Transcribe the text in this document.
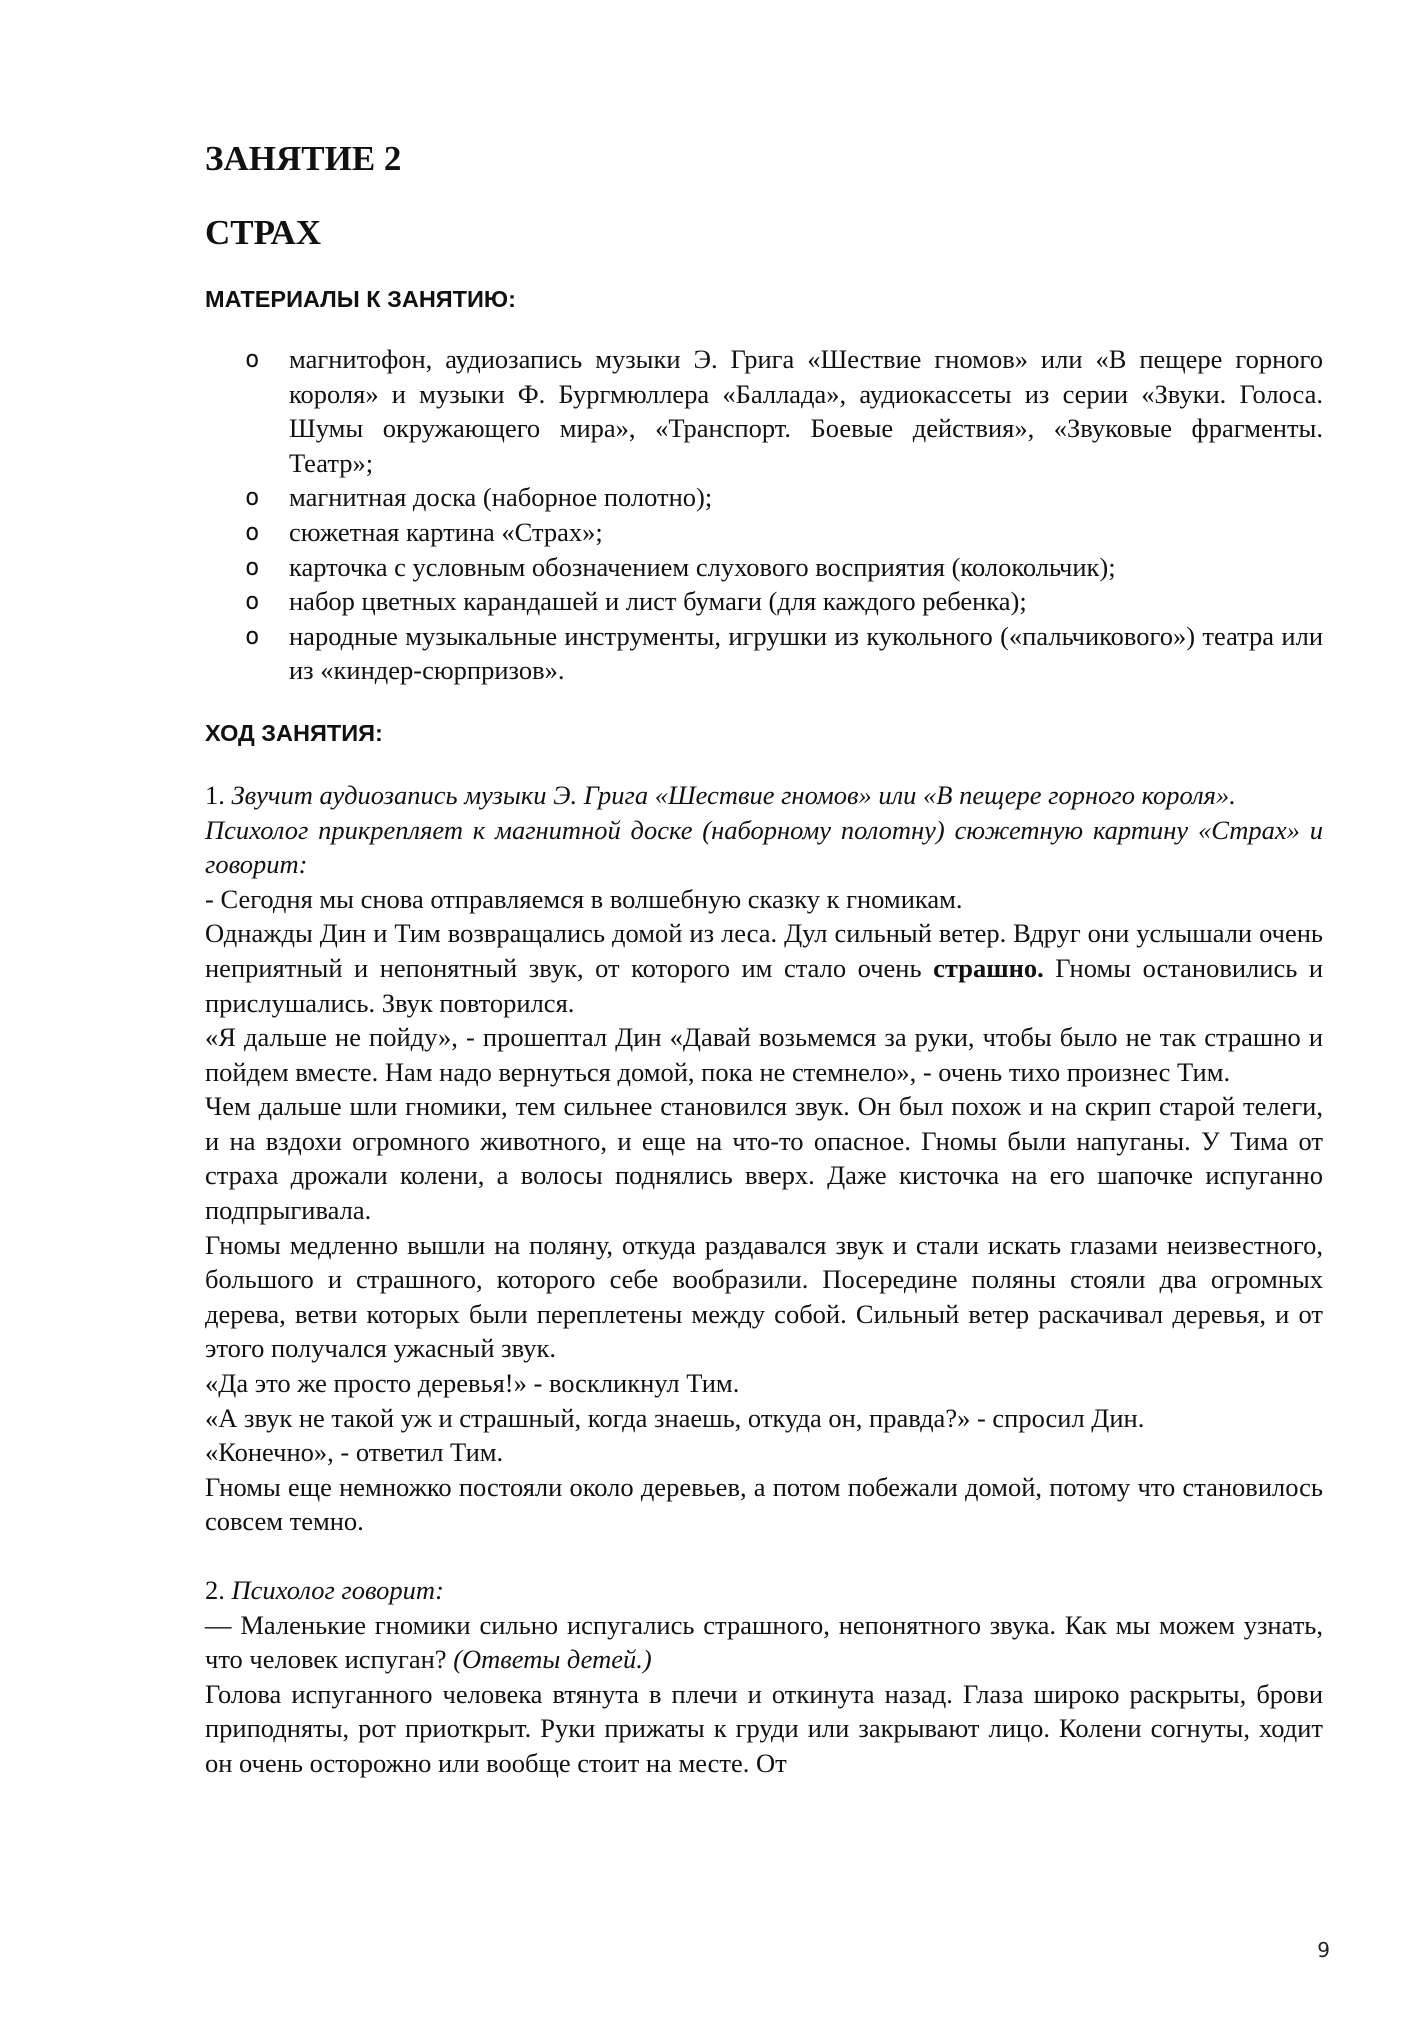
ЗАНЯТИЕ 2
СТРАХ
МАТЕРИАЛЫ К ЗАНЯТИЮ:
o магнитофон, аудиозапись музыки Э. Грига «Шествие гномов» или «В пещере горного короля» и музыки Ф. Бургмюллера «Баллада», аудиокассеты из серии «Звуки. Голоса. Шумы окружающего мира», «Транспорт. Боевые действия», «Звуковые фрагменты. Театр»;
o магнитная доска (наборное полотно);
o сюжетная картина «Страх»;
o карточка с условным обозначением слухового восприятия (колокольчик);
o набор цветных карандашей и лист бумаги (для каждого ребенка);
o народные музыкальные инструменты, игрушки из кукольного («пальчикового») театра или из «киндер-сюрпризов».
ХОД ЗАНЯТИЯ:

1. Звучит аудиозапись музыки Э. Грига «Шествие гномов» или «В пещере горного короля».

Психолог прикрепляет к магнитной доске (наборному полотну) сюжетную картину «Страх» и говорит:

- Сегодня мы снова отправляемся в волшебную сказку к гномикам.

Однажды Дин и Тим возвращались домой из леса. Дул сильный ветер. Вдруг они услышали очень неприятный и непонятный звук, от которого им стало очень страшно. Гномы остановились и прислушались. Звук повторился.

«Я дальше не пойду», - прошептал Дин «Давай возьмемся за руки, чтобы было не так страшно и пойдем вместе. Нам надо вернуться домой, пока не стемнело», - очень тихо произнес Тим.

Чем дальше шли гномики, тем сильнее становился звук. Он был похож и на скрип старой телеги, и на вздохи огромного животного, и еще на что-то опасное. Гномы были напуганы. У Тима от страха дрожали колени, а волосы поднялись вверх. Даже кисточка на его шапочке испуганно подпрыгивала.

Гномы медленно вышли на поляну, откуда раздавался звук и стали искать глазами неизвестного, большого и страшного, которого себе вообразили. Посередине поляны стояли два огромных дерева, ветви которых были переплетены между собой. Сильный ветер раскачивал деревья, и от этого получался ужасный звук.

«Да это же просто деревья!» - воскликнул Тим.

«А звук не такой уж и страшный, когда знаешь, откуда он, правда?» - спросил Дин.

«Конечно», - ответил Тим.

Гномы еще немножко постояли около деревьев, а потом побежали домой, потому что становилось совсем темно.

2. Психолог говорит:

— Маленькие гномики сильно испугались страшного, непонятного звука. Как мы можем узнать, что человек испуган? (Ответы детей.)

Голова испуганного человека втянута в плечи и откинута назад. Глаза широко раскрыты, брови приподняты, рот приоткрыт. Руки прижаты к груди или закрывают лицо. Колени согнуты, ходит он очень осторожно или вообще стоит на месте. От

9
